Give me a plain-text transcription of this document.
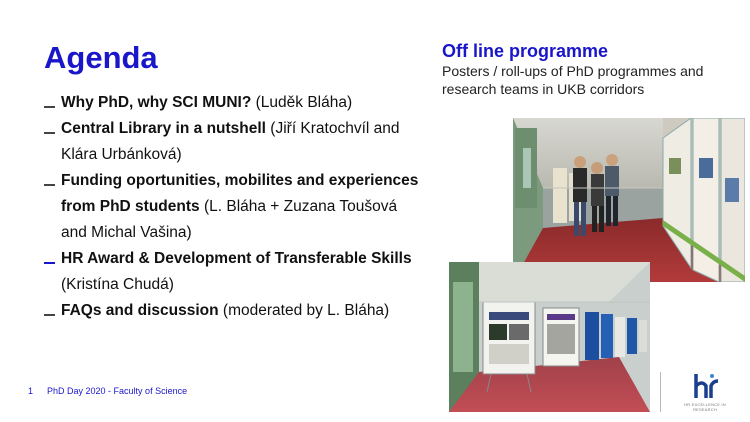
Agenda
Why PhD, why SCI MUNI? (Luděk Bláha)
Central Library in a nutshell (Jiří Kratochvíl and Klára Urbánková)
Funding oportunities, mobilites and experiences from PhD students (L. Bláha + Zuzana Toušová and Michal Vašina)
HR Award & Development of Transferable Skills (Kristína Chudá)
FAQs and discussion (moderated by L. Bláha)
Off line programme
Posters / roll-ups of PhD programmes and research teams in UKB corridors
1 PhD Day 2020 - Faculty of Science
HR EXCELLENCE IN RESEARCH
